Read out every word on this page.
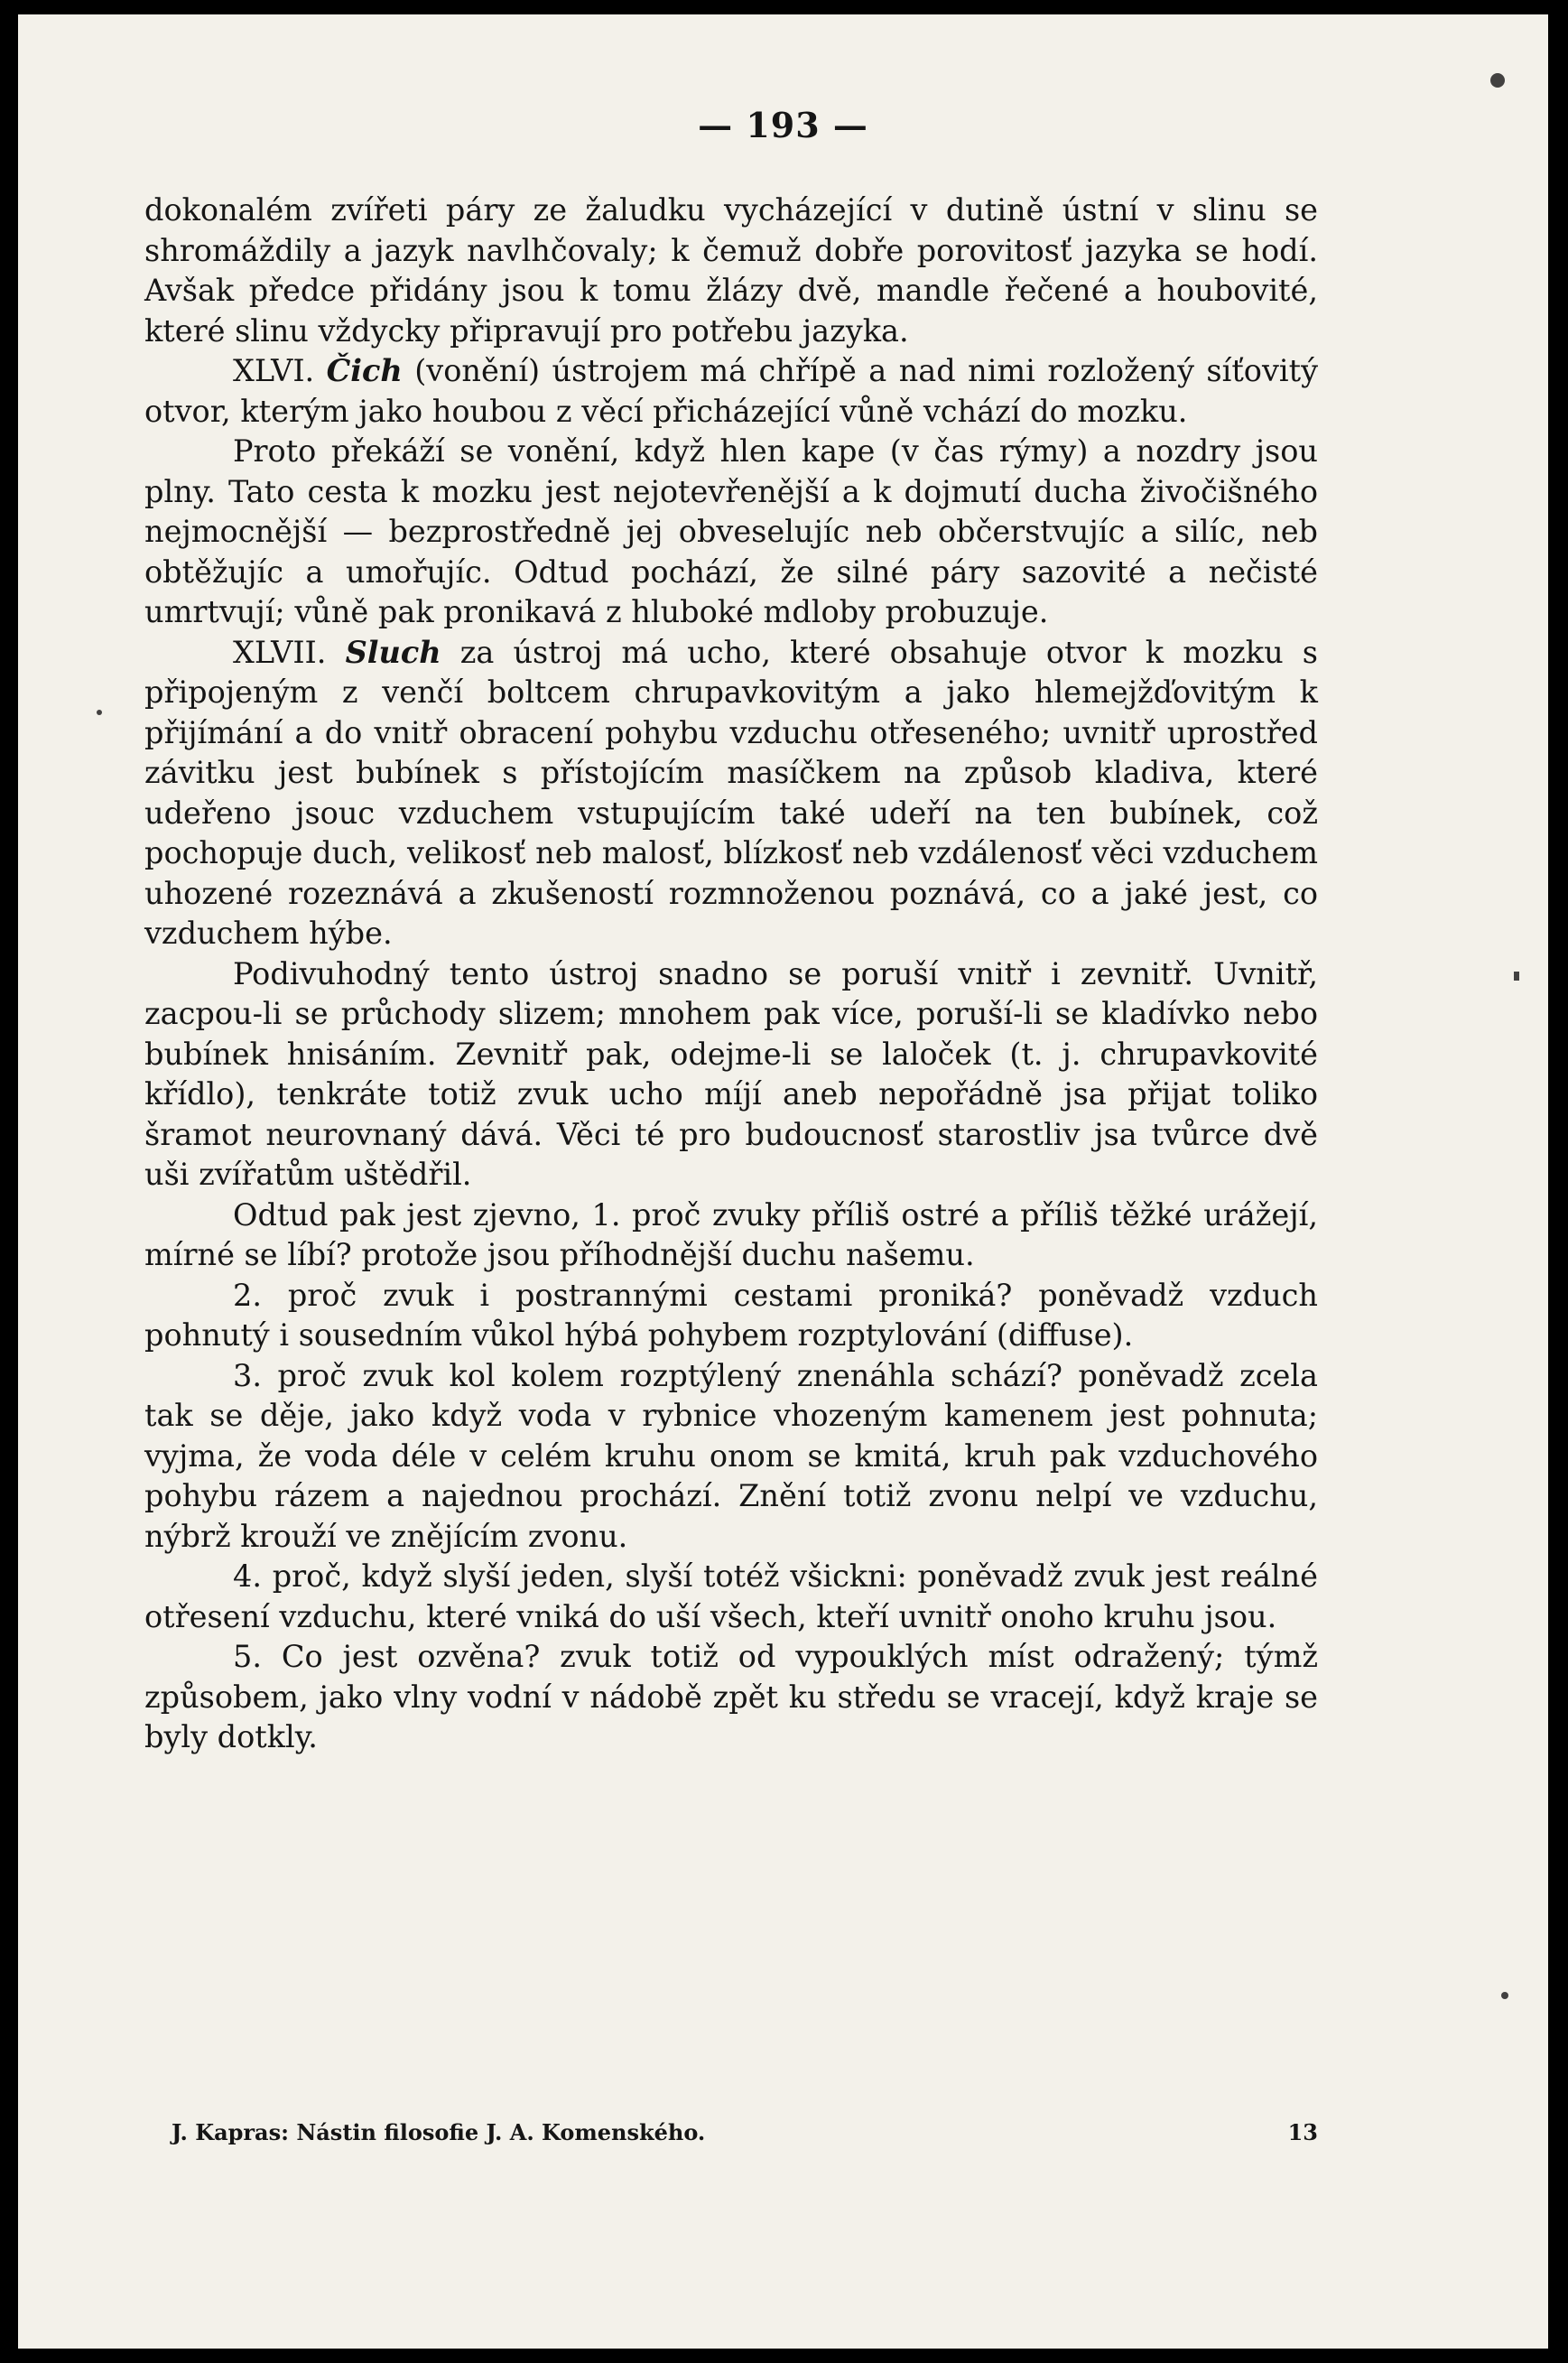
— 193 —

dokonalém zvířeti páry ze žaludku vycházející v dutině ústní v slinu se shromáždily a jazyk navlhčovaly; k čemuž dobře porovitosť jazyka se hodí. Avšak předce přidány jsou k tomu žlázy dvě, mandle řečené a houbovité, které slinu vždycky připravují pro potřebu jazyka.

XLVI. Čich (vonění) ústrojem má chřípě a nad nimi rozložený síťovitý otvor, kterým jako houbou z věcí přicházející vůně vchází do mozku.

Proto překáží se vonění, když hlen kape (v čas rýmy) a nozdry jsou plny. Tato cesta k mozku jest nejotevřenější a k dojmutí ducha živočišného nejmocnější — bezprostředně jej obveselujíc neb občerstvujíc a silíc, neb obtěžujíc a umořujíc. Odtud pochází, že silné páry sazovité a nečisté umrtvují; vůně pak pronikavá z hluboké mdloby probuzuje.

XLVII. Sluch za ústroj má ucho, které obsahuje otvor k mozku s připojeným z venčí boltcem chrupavkovitým a jako hlemejžďovitým k přijímání a do vnitř obracení pohybu vzduchu otřeseného; uvnitř uprostřed závitku jest bubínek s přístojícím masíčkem na způsob kladiva, které udeřeno jsouc vzduchem vstupujícím také udeří na ten bubínek, což pochopuje duch, velikosť neb malosť, blízkosť neb vzdálenosť věci vzduchem uhozené rozeznává a zkušeností rozmnoženou poznává, co a jaké jest, co vzduchem hýbe.

Podivuhodný tento ústroj snadno se poruší vnitř i zevnitř. Uvnitř, zacpou-li se průchody slizem; mnohem pak více, poruší-li se kladívko nebo bubínek hnisáním. Zevnitř pak, odejme-li se laloček (t. j. chrupavkovité křídlo), tenkráte totiž zvuk ucho míjí aneb nepořádně jsa přijat toliko šramot neurovnaný dává. Věci té pro budoucnosť starostliv jsa tvůrce dvě uši zvířatům uštědřil.

Odtud pak jest zjevno, 1. proč zvuky příliš ostré a příliš těžké urážejí, mírné se líbí? protože jsou příhodnější duchu našemu.

2. proč zvuk i postrannými cestami proniká? poněvadž vzduch pohnutý i sousedním vůkol hýbá pohybem rozptylování (diffuse).

3. proč zvuk kol kolem rozptýlený znenáhla schází? poněvadž zcela tak se děje, jako když voda v rybnice vhozeným kamenem jest pohnuta; vyjma, že voda déle v celém kruhu onom se kmitá, kruh pak vzduchového pohybu rázem a najednou prochází. Znění totiž zvonu nelpí ve vzduchu, nýbrž krouží ve znějícím zvonu.

4. proč, když slyší jeden, slyší totéž všickni: poněvadž zvuk jest reálné otřesení vzduchu, které vniká do uší všech, kteří uvnitř onoho kruhu jsou.

5. Co jest ozvěna? zvuk totiž od vypouklých míst odražený; týmž způsobem, jako vlny vodní v nádobě zpět ku středu se vracejí, když kraje se byly dotkly.

J. Kapras: Nástin filosofie J. A. Komenského.	13
